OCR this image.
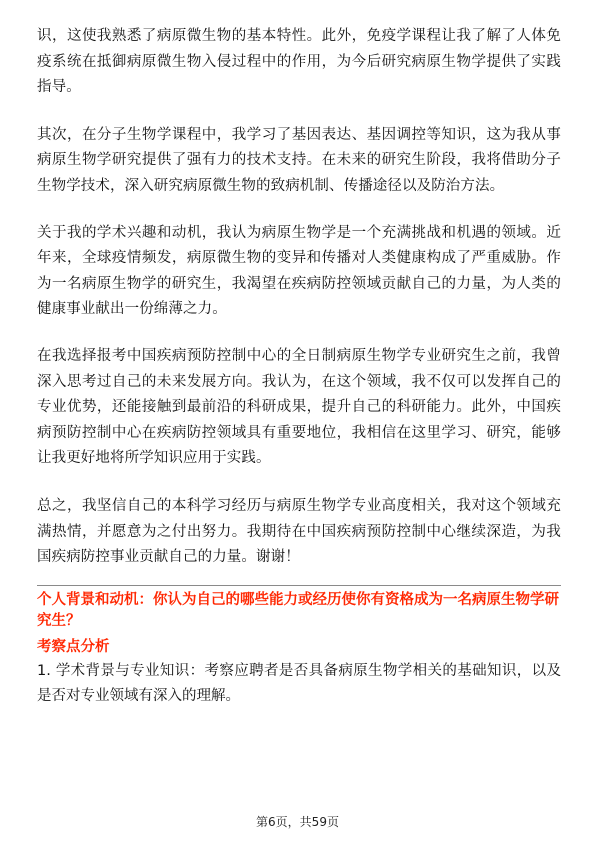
识，这使我熟悉了病原微生物的基本特性。此外，免疫学课程让我了解了人体免疫系统在抵御病原微生物入侵过程中的作用，为今后研究病原生物学提供了实践指导。

其次，在分子生物学课程中，我学习了基因表达、基因调控等知识，这为我从事病原生物学研究提供了强有力的技术支持。在未来的研究生阶段，我将借助分子生物学技术，深入研究病原微生物的致病机制、传播途径以及防治方法。

关于我的学术兴趣和动机，我认为病原生物学是一个充满挑战和机遇的领域。近年来，全球疫情频发，病原微生物的变异和传播对人类健康构成了严重威胁。作为一名病原生物学的研究生，我渴望在疾病防控领域贡献自己的力量，为人类的健康事业献出一份绵薄之力。

在我选择报考中国疾病预防控制中心的全日制病原生物学专业研究生之前，我曾深入思考过自己的未来发展方向。我认为，在这个领域，我不仅可以发挥自己的专业优势，还能接触到最前沿的科研成果，提升自己的科研能力。此外，中国疾病预防控制中心在疾病防控领域具有重要地位，我相信在这里学习、研究，能够让我更好地将所学知识应用于实践。

总之，我坚信自己的本科学习经历与病原生物学专业高度相关，我对这个领域充满热情，并愿意为之付出努力。我期待在中国疾病预防控制中心继续深造，为我国疾病防控事业贡献自己的力量。谢谢！

个人背景和动机：你认为自己的哪些能力或经历使你有资格成为一名病原生物学研究生？

考察点分析

1. 学术背景与专业知识：考察应聘者是否具备病原生物学相关的基础知识，以及是否对专业领域有深入的理解。

第6页，共59页
